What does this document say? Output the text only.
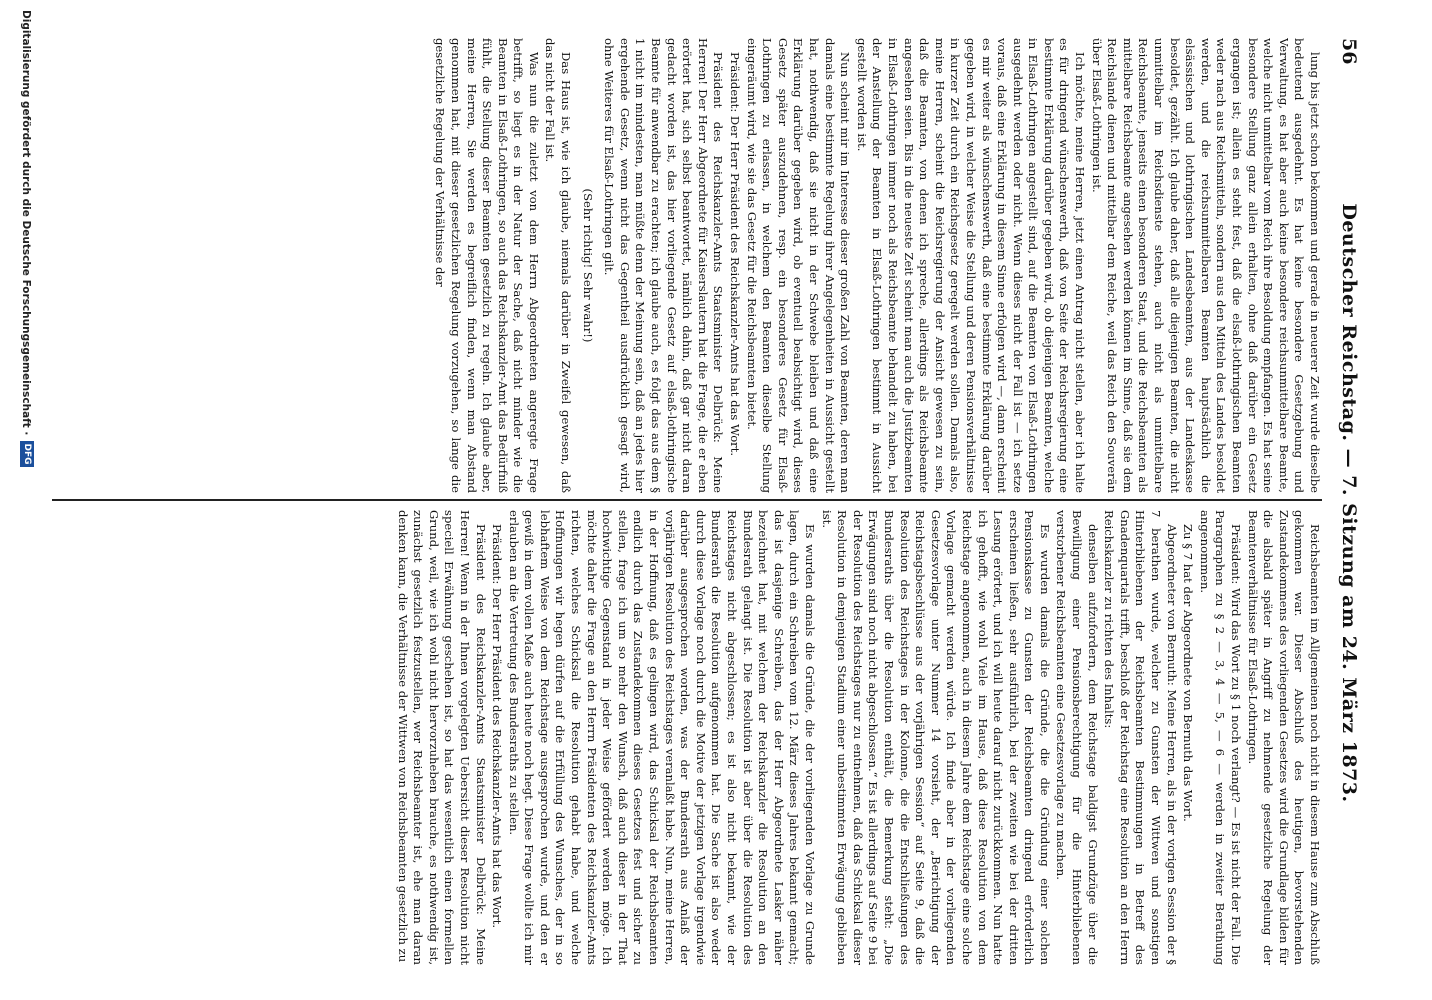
56
Deutscher Reichstag. — 7. Sitzung am 24. März 1873.

lung bis jetzt schon bekommen und gerade in neuerer Zeit wurde dieselbe bedeutend ausgedehnt. Es hat keine besondere Gesetzgebung und Verwaltung, es hat aber auch keine besondere reichsunmittelbare Beamte, welche nicht unmittelbar vom Reich ihre Besoldung empfangen. Es hat seine besondere Stellung ganz allein erhalten, ohne daß darüber ein Gesetz ergangen ist; allein es steht fest, daß die elsaß-lothringischen Beamten weder nach aus Reichsmitteln, sondern aus den Mitteln des Landes besoldet werden, und die reichsunmittelbaren Beamten hauptsächlich die elsässischen und lothringischen Landesbeamten, aus der Landeskasse besoldet, gezählt. Ich glaube daher, daß alle diejenigen Beamten, die nicht unmittelbar im Reichsdienste stehen, auch nicht als unmittelbare Reichsbeamte, jenseits einen besonderen Staat, und die Reichsbeamten als mittelbare Reichsbeamte angesehen werden können im Sinne, daß sie dem Reichslande dienen und mittelbar dem Reiche, weil das Reich den Souverän über Elsaß-Lothringen ist.

Ich möchte, meine Herren, jetzt einen Antrag nicht stellen, aber ich halte es für dringend wünschenswerth, daß von Seite der Reichsregierung eine bestimmte Erklärung darüber gegeben wird, ob diejenigen Beamten, welche in Elsaß-Lothringen angestellt sind, auf die Beamten von Elsaß-Lothringen ausgedehnt werden oder nicht. Wenn dieses nicht der Fall ist — ich setze voraus, daß eine Erklärung in diesem Sinne erfolgen wird —, dann erscheint es mir weiter als wünschenswerth, daß eine bestimmte Erklärung darüber gegeben wird, in welcher Weise die Stellung und deren Pensionsverhältnisse in kurzer Zeit durch ein Reichsgesetz geregelt werden sollen. Damals also, meine Herren, scheint die Reichsregierung der Ansicht gewesen zu sein, daß die Beamten, von denen ich spreche, allerdings als Reichsbeamte angesehen seien. Bis in die neueste Zeit scheint man auch die Justizbeamten in Elsaß-Lothringen immer noch als Reichsbeamte behandelt zu haben, bei der Anstellung der Beamten in Elsaß-Lothringen bestimmt in Aussicht gestellt worden ist.

Nun scheint mir im Interesse dieser großen Zahl von Beamten, deren man damals eine bestimmte Regelung ihrer Angelegenheiten in Aussicht gestellt hat, nothwendig, daß sie nicht in der Schwebe bleiben und daß eine Erklärung darüber gegeben wird, ob eventuell beabsichtigt wird, dieses Gesetz später auszudehnen, resp. ein besonderes Gesetz für Elsaß-Lothringen zu erlassen, in welchem den Beamten dieselbe Stellung eingeräumt wird, wie sie das Gesetz für die Reichsbeamten bietet.

Präsident: Der Herr Präsident des Reichskanzler-Amts hat das Wort.

Präsident des Reichskanzler-Amts Staatsminister Delbrück: Meine Herren! Der Herr Abgeordnete für Kaiserslautern hat die Frage, die er eben erörtert hat, sich selbst beantwortet, nämlich dahin, daß gar nicht daran gedacht worden ist, das hier vorliegende Gesetz auf elsaß-lothringische Beamte für anwendbar zu erachten; ich glaube auch, es folgt das aus dem § 1 nicht im mindesten, man müßte denn der Meinung sein, daß an jedes hier ergehende Gesetz, wenn nicht das Gegentheil ausdrücklich gesagt wird, ohne Weiteres für Elsaß-Lothringen gilt.

(Sehr richtig! Sehr wahr!)

Das Haus ist, wie ich glaube, niemals darüber in Zweifel gewesen, daß das nicht der Fall ist.

Was nun die zuletzt von dem Herrn Abgeordneten angeregte Frage betrifft, so liegt es in der Natur der Sache, daß nicht minder wie die Beamten in Elsaß-Lothringen, so auch das Reichskanzler-Amt das Bedürfniß fühlt, die Stellung dieser Beamten gesetzlich zu regeln. Ich glaube aber, meine Herren, Sie werden es begreiflich finden, wenn man Abstand genommen hat, mit dieser gesetzlichen Regelung vorzugehen, so lange die gesetzliche Regelung der Verhältnisse der

Reichsbeamten im Allgemeinen noch nicht in diesem Hause zum Abschluß gekommen war. Dieser Abschluß des heutigen, bevorstehenden Zustandekommens des vorliegenden Gesetzes wird die Grundlage bilden für die alsbald später in Angriff zu nehmende gesetzliche Regelung der Beamtenverhältnisse für Elsaß-Lothringen.

Präsident: Wird das Wort zu § 1 noch verlangt? — Es ist nicht der Fall. Die Paragraphen zu § 2 — 3, 4 — 5, — 6 — werden in zweiter Berathung angenommen.

Zu § 7 hat der Abgeordnete von Bernuth das Wort.

Abgeordneter von Bernuth: Meine Herren, als in der vorigen Session der § 7 berathen wurde, welcher zu Gunsten der Wittwen und sonstigen Hinterbliebenen der Reichsbeamten Bestimmungen in Betreff des Gnadenquartals trifft, beschloß der Reichstag eine Resolution an den Herrn Reichskanzler zu richten des Inhalts:

denselben aufzufordern, dem Reichstage baldigst Grundzüge über die Bewilligung einer Pensionsberechtigung für die Hinterbliebenen verstorbener Reichsbeamten eine Gesetzesvorlage zu machen.

Es wurden damals die Gründe, die die Gründung einer solchen Pensionskasse zu Gunsten der Reichsbeamten dringend erforderlich erscheinen ließen, sehr ausführlich, bei der zweiten wie bei der dritten Lesung erörtert, und ich will heute darauf nicht zurückkommen. Nun hatte ich gehofft, wie wohl Viele im Hause, daß diese Resolution von dem Reichstage angenommen, auch in diesem Jahre dem Reichstage eine solche Vorlage gemacht werden würde. Ich finde aber in der vorliegenden Gesetzesvorlage unter Nummer 14 vorsieht, der „Berichtigung der Reichstagsbeschlüsse aus der vorjährigen Session“ auf Seite 9, daß die Resolution des Reichstages in der Kolonne, die die Entschließungen des Bundesraths über die Resolution enthält, die Bemerkung steht: „Die Erwägungen sind noch nicht abgeschlossen.“ Es ist allerdings auf Seite 9 bei der Resolution des Reichstages nur zu entnehmen, daß das Schicksal dieser Resolution in demjenigen Stadium einer unbestimmten Erwägung geblieben ist.

Es wurden damals die Gründe, die der vorliegenden Vorlage zu Grunde lagen, durch ein Schreiben vom 12. März dieses Jahres bekannt gemacht; das ist dasjenige Schreiben, das der Herr Abgeordnete Lasker näher bezeichnet hat, mit welchem der Reichskanzler die Resolution an den Bundesrath gelangt ist. Die Resolution ist aber über die Resolution des Reichstages nicht abgeschlossen; es ist also nicht bekannt, wie der Bundesrath die Resolution aufgenommen hat. Die Sache ist also weder durch diese Vorlage noch durch die Motive der jetzigen Vorlage irgendwie darüber ausgesprochen worden, was der Bundesrath aus Anlaß der vorjährigen Resolution des Reichstages veranlaßt habe. Nun, meine Herren, in der Hoffnung, daß es gelingen wird, das Schicksal der Reichsbeamten endlich durch das Zustandekommen dieses Gesetzes fest und sicher zu stellen, frage ich um so mehr den Wunsch, daß auch dieser in der That hochwichtige Gegenstand in jeder Weise gefördert werden möge. Ich möchte daher die Frage an den Herrn Präsidenten des Reichskanzler-Amts richten, welches Schicksal die Resolution gehabt habe, und welche Hoffnungen wir hegen dürfen auf die Erfüllung des Wunsches, der in so lebhaftem Weise von dem Reichstage ausgesprochen wurde, und den er gewiß in dem vollen Maße auch heute noch hegt. Diese Frage wollte ich mir erlauben an die Vertretung des Bundesraths zu stellen.

Präsident: Der Herr Präsident des Reichskanzler-Amts hat das Wort.

Präsident des Reichskanzler-Amts Staatsminister Delbrück: Meine Herren! Wenn in der Ihnen vorgelegten Uebersicht dieser Resolution nicht speciell Erwähnung geschehen ist, so hat das wesentlich einen formellen Grund, weil, wie ich wohl nicht hervorzuheben brauche, es nothwendig ist, zunächst gesetzlich festzustellen, wer Reichsbeamter ist, ehe man daran denken kann, die Verhältnisse der Wittwen von Reichsbeamten gesetzlich zu

Digitalisierung gefördert durch die Deutsche Forschungsgemeinschaft ·
DFG
